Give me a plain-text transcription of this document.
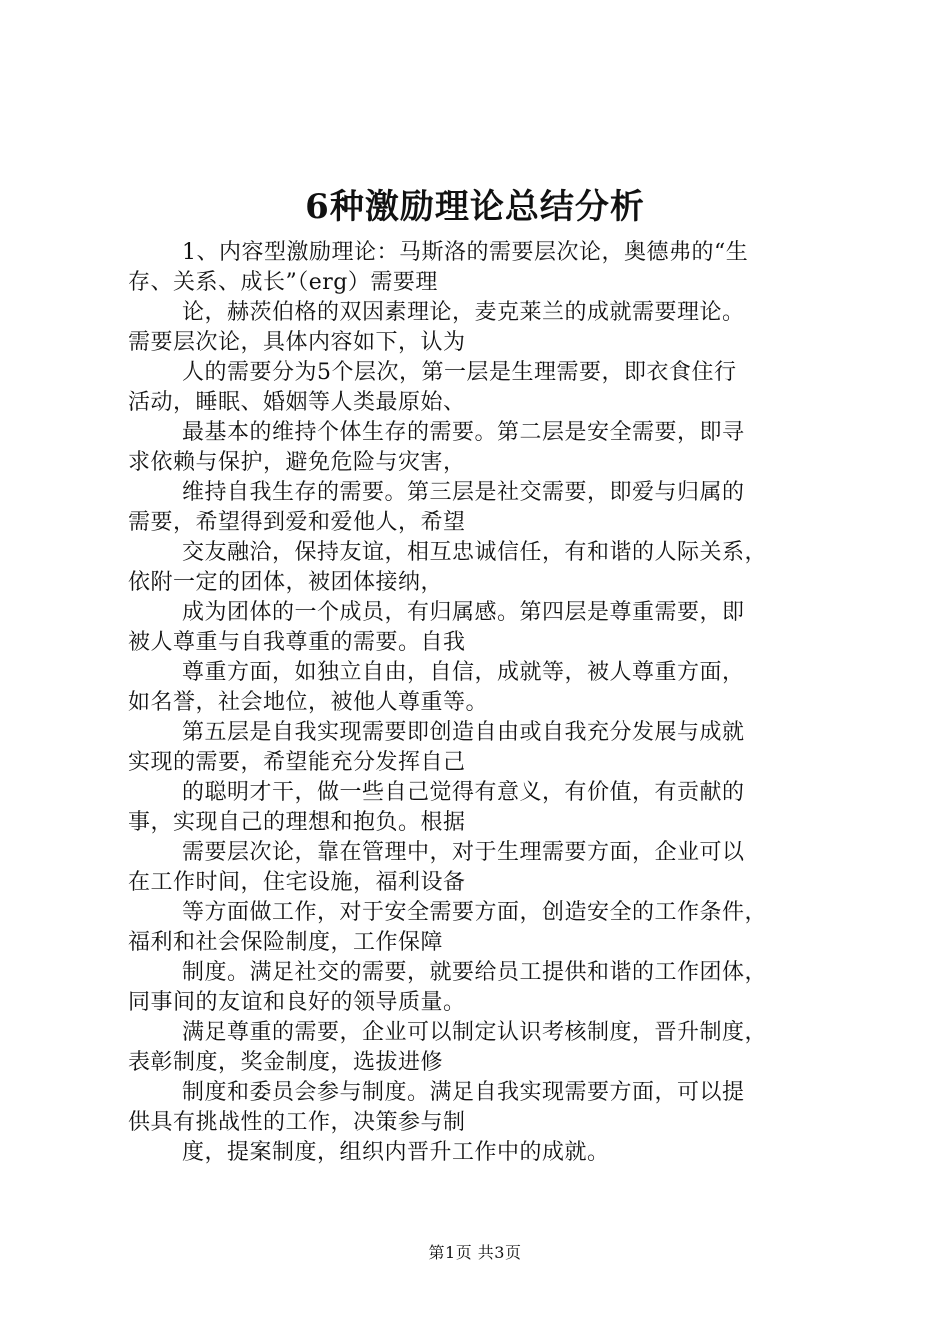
6种激励理论总结分析

1、内容型激励理论：马斯洛的需要层次论，奥德弗的“生
存、关系、成长”（erg）需要理

论，赫茨伯格的双因素理论，麦克莱兰的成就需要理论。
需要层次论，具体内容如下，认为

人的需要分为5个层次，第一层是生理需要，即衣食住行
活动，睡眠、婚姻等人类最原始、

最基本的维持个体生存的需要。第二层是安全需要，即寻
求依赖与保护，避免危险与灾害，

维持自我生存的需要。第三层是社交需要，即爱与归属的
需要，希望得到爱和爱他人，希望

交友融洽，保持友谊，相互忠诚信任，有和谐的人际关系，
依附一定的团体，被团体接纳，

成为团体的一个成员，有归属感。第四层是尊重需要，即
被人尊重与自我尊重的需要。自我

尊重方面，如独立自由，自信，成就等，被人尊重方面，
如名誉，社会地位，被他人尊重等。

第五层是自我实现需要即创造自由或自我充分发展与成就
实现的需要，希望能充分发挥自己

的聪明才干，做一些自己觉得有意义，有价值，有贡献的
事，实现自己的理想和抱负。根据

需要层次论，靠在管理中，对于生理需要方面，企业可以
在工作时间，住宅设施，福利设备

等方面做工作，对于安全需要方面，创造安全的工作条件，
福利和社会保险制度，工作保障

制度。满足社交的需要，就要给员工提供和谐的工作团体，
同事间的友谊和良好的领导质量。

满足尊重的需要，企业可以制定认识考核制度，晋升制度，
表彰制度，奖金制度，选拔进修

制度和委员会参与制度。满足自我实现需要方面，可以提
供具有挑战性的工作，决策参与制

度，提案制度，组织内晋升工作中的成就。

第1页 共3页
